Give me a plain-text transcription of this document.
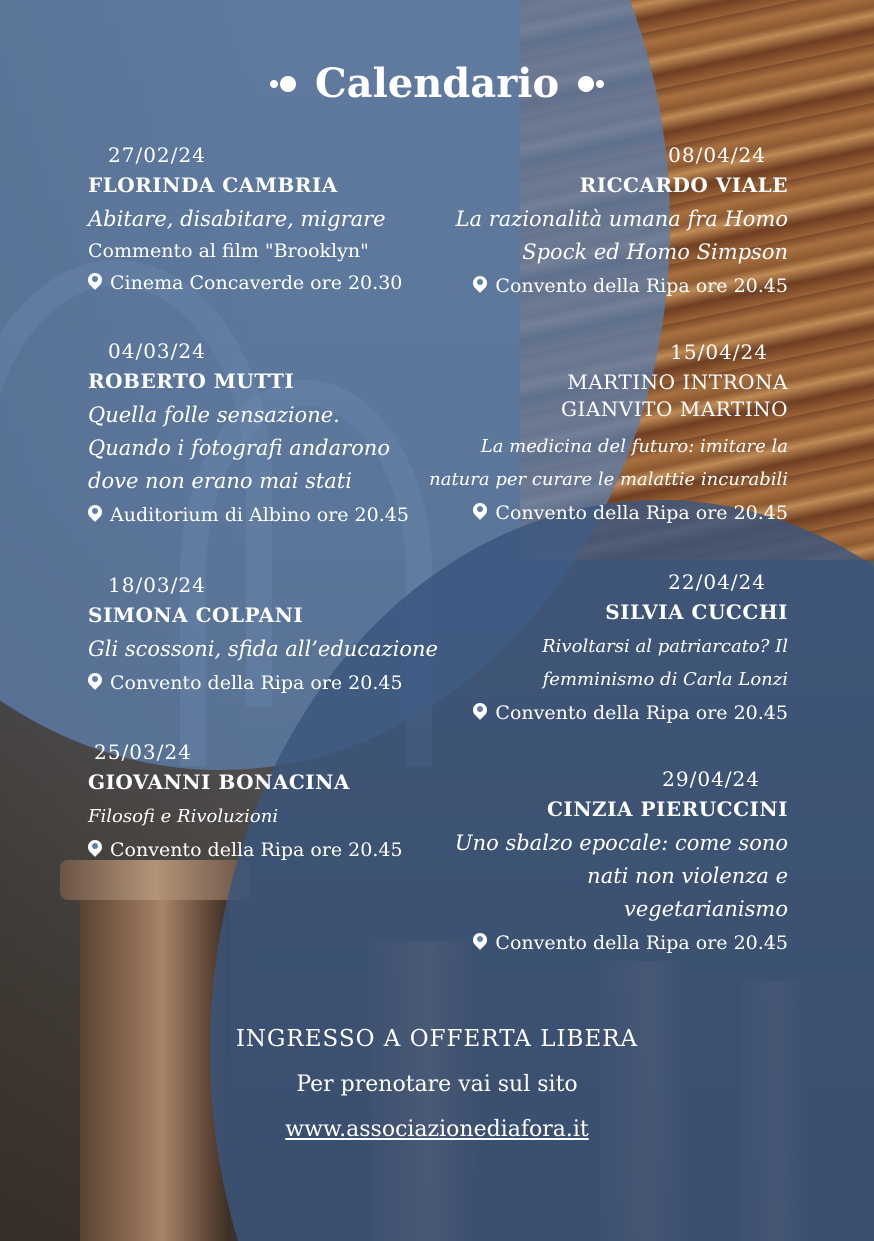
Calendario
27/02/24
FLORINDA CAMBRIA
Abitare, disabitare, migrare
Commento al film "Brooklyn"
Cinema Concaverde ore 20.30
04/03/24
ROBERTO MUTTI
Quella folle sensazione.
Quando i fotografi andarono dove non erano mai stati
Auditorium di Albino ore 20.45
18/03/24
SIMONA COLPANI
Gli scossoni, sfida all’educazione
Convento della Ripa ore 20.45
25/03/24
GIOVANNI BONACINA
Filosofi e Rivoluzioni
Convento della Ripa ore 20.45
08/04/24
RICCARDO VIALE
La razionalità umana fra Homo Spock ed Homo Simpson
Convento della Ripa ore 20.45
15/04/24
MARTINO INTRONA
GIANVITO MARTINO
La medicina del futuro: imitare la natura per curare le malattie incurabili
Convento della Ripa ore 20.45
22/04/24
SILVIA CUCCHI
Rivoltarsi al patriarcato? Il femminismo di Carla Lonzi
Convento della Ripa ore 20.45
29/04/24
CINZIA PIERUCCINI
Uno sbalzo epocale: come sono nati non violenza e vegetarianismo
Convento della Ripa ore 20.45
INGRESSO A OFFERTA LIBERA
Per prenotare vai sul sito
www.associazionediafora.it
